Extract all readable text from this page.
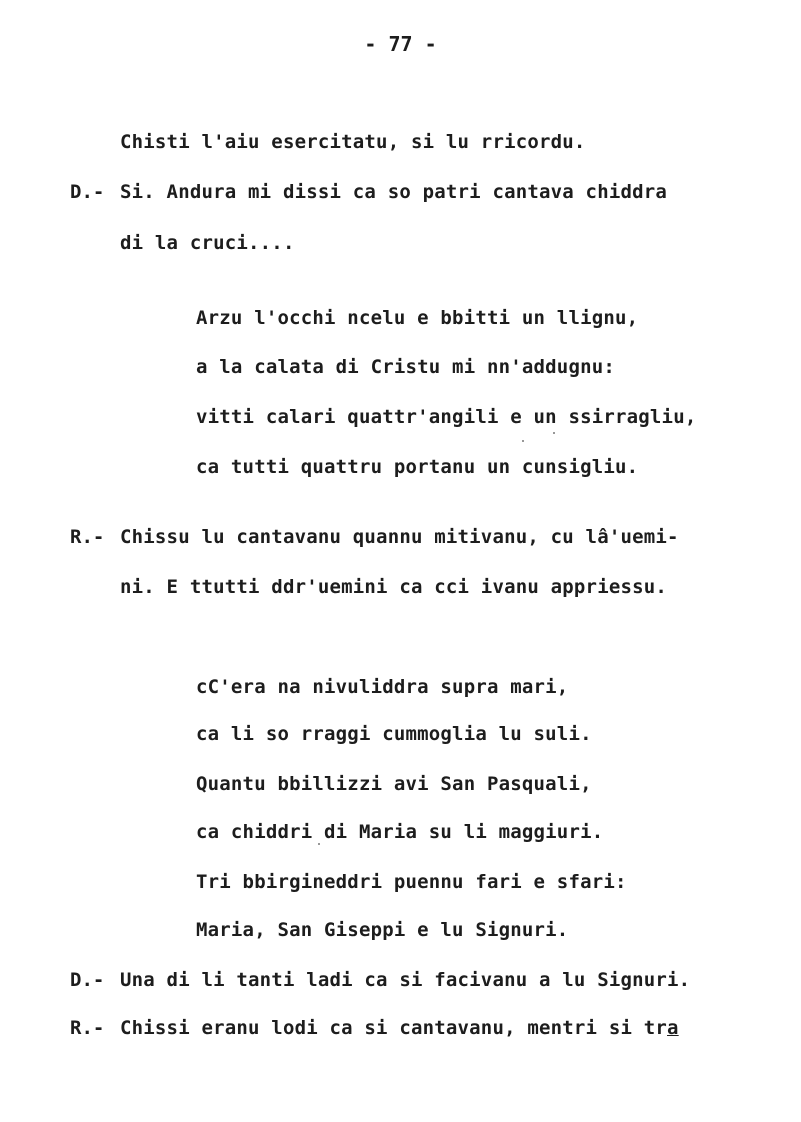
- 77 -
Chisti l'aiu esercitatu, si lu rricordu.
D.- Si. Andura mi dissi ca so patri cantava chiddra
di la cruci....
Arzu l'occhi ncelu e bbitti un llignu,
a la calata di Cristu mi nn'addugnu:
vitti calari quattr'angili e un ssirragliu,
ca tutti quattru portanu un cunsigliu.
R.- Chissu lu cantavanu quannu mitivanu, cu lâ'uemi-
ni. E ttutti ddr'uemini ca cci ivanu appriessu.
cC'era na nivuliddra supra mari,
ca li so rraggi cummoglia lu suli.
Quantu bbillizzi avi San Pasquali,
ca chiddri di Maria su li maggiuri.
Tri bbirgineddri puennu fari e sfari:
Maria, San Giseppi e lu Signuri.
D.- Una di li tanti ladi ca si facivanu a lu Signuri.
R.- Chissi eranu lodi ca si cantavanu, mentri si tra
